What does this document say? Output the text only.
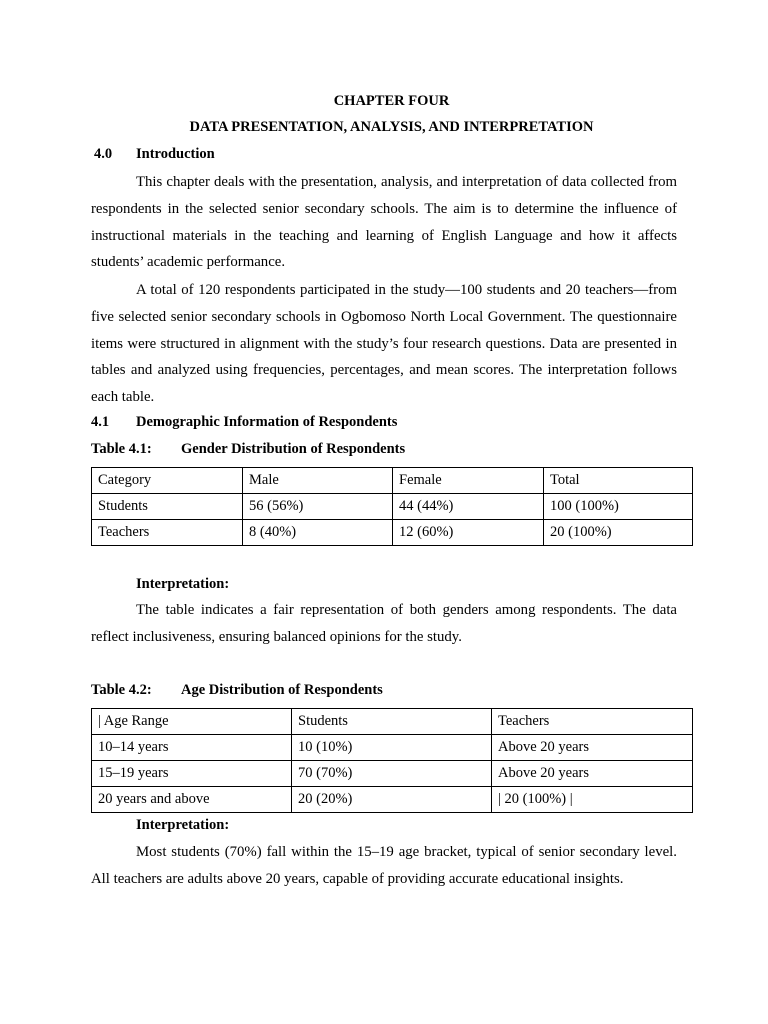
CHAPTER FOUR
DATA PRESENTATION, ANALYSIS, AND INTERPRETATION
4.0 Introduction

This chapter deals with the presentation, analysis, and interpretation of data collected from respondents in the selected senior secondary schools. The aim is to determine the influence of instructional materials in the teaching and learning of English Language and how it affects students’ academic performance.

A total of 120 respondents participated in the study—100 students and 20 teachers—from five selected senior secondary schools in Ogbomoso North Local Government. The questionnaire items were structured in alignment with the study’s four research questions. Data are presented in tables and analyzed using frequencies, percentages, and mean scores. The interpretation follows each table.

4.1 Demographic Information of Respondents
Table 4.1: Gender Distribution of Respondents
Category	Male	Female	Total
Students	56 (56%)	44 (44%)	100 (100%)
Teachers	8 (40%)	12 (60%)	20 (100%)
Interpretation:

The table indicates a fair representation of both genders among respondents. The data reflect inclusiveness, ensuring balanced opinions for the study.

Table 4.2: Age Distribution of Respondents
| Age Range	Students	Teachers
10–14 years	10 (10%)	Above 20 years
15–19 years	70 (70%)	Above 20 years
20 years and above	20 (20%)	| 20 (100%) |
Interpretation:

Most students (70%) fall within the 15–19 age bracket, typical of senior secondary level. All teachers are adults above 20 years, capable of providing accurate educational insights.
